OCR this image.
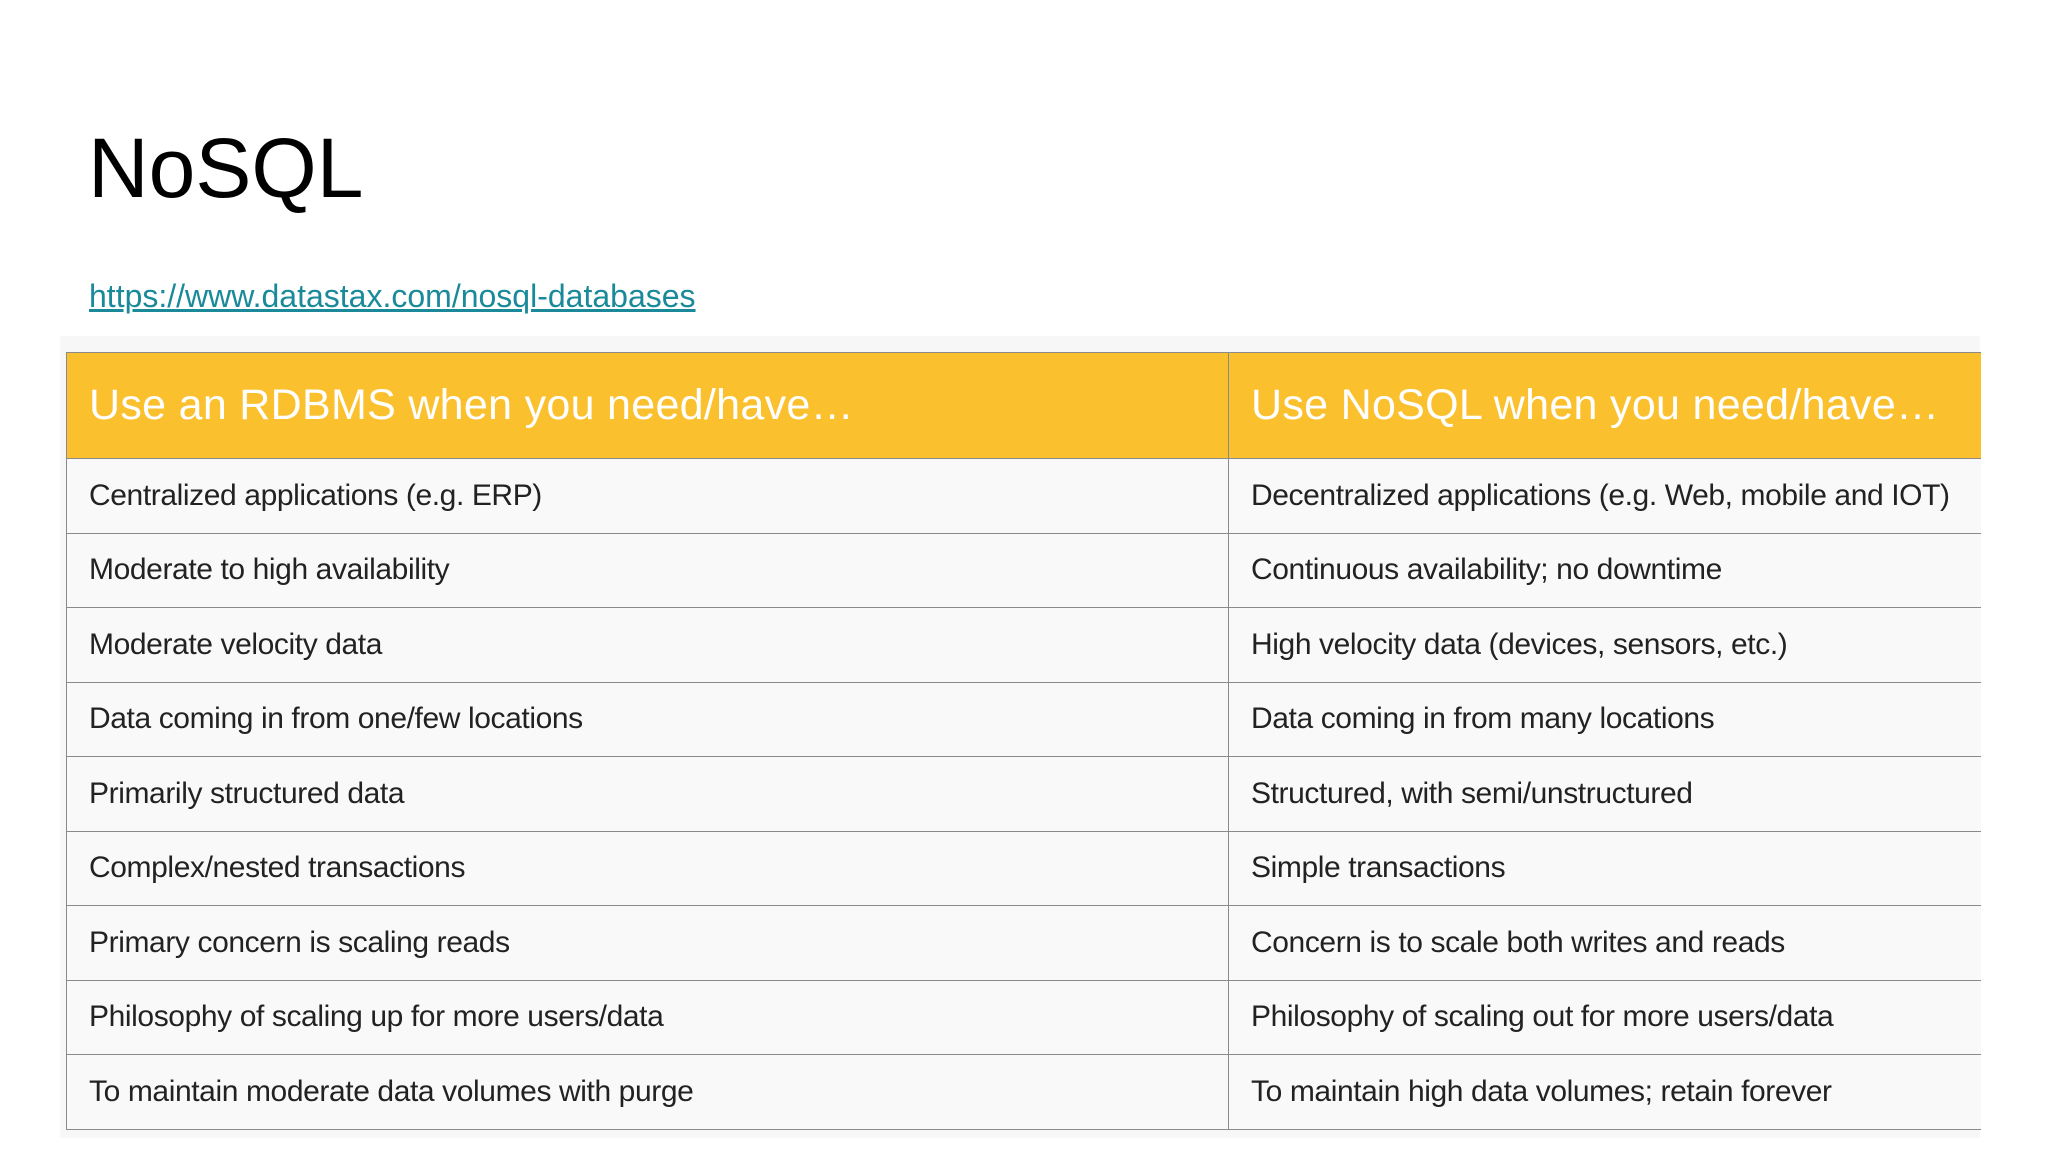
NoSQL
https://www.datastax.com/nosql-databases
Use an RDBMS when you need/have…	Use NoSQL when you need/have…
Centralized applications (e.g. ERP)	Decentralized applications (e.g. Web, mobile and IOT)
Moderate to high availability	Continuous availability; no downtime
Moderate velocity data	High velocity data (devices, sensors, etc.)
Data coming in from one/few locations	Data coming in from many locations
Primarily structured data	Structured, with semi/unstructured
Complex/nested transactions	Simple transactions
Primary concern is scaling reads	Concern is to scale both writes and reads
Philosophy of scaling up for more users/data	Philosophy of scaling out for more users/data
To maintain moderate data volumes with purge	To maintain high data volumes; retain forever
